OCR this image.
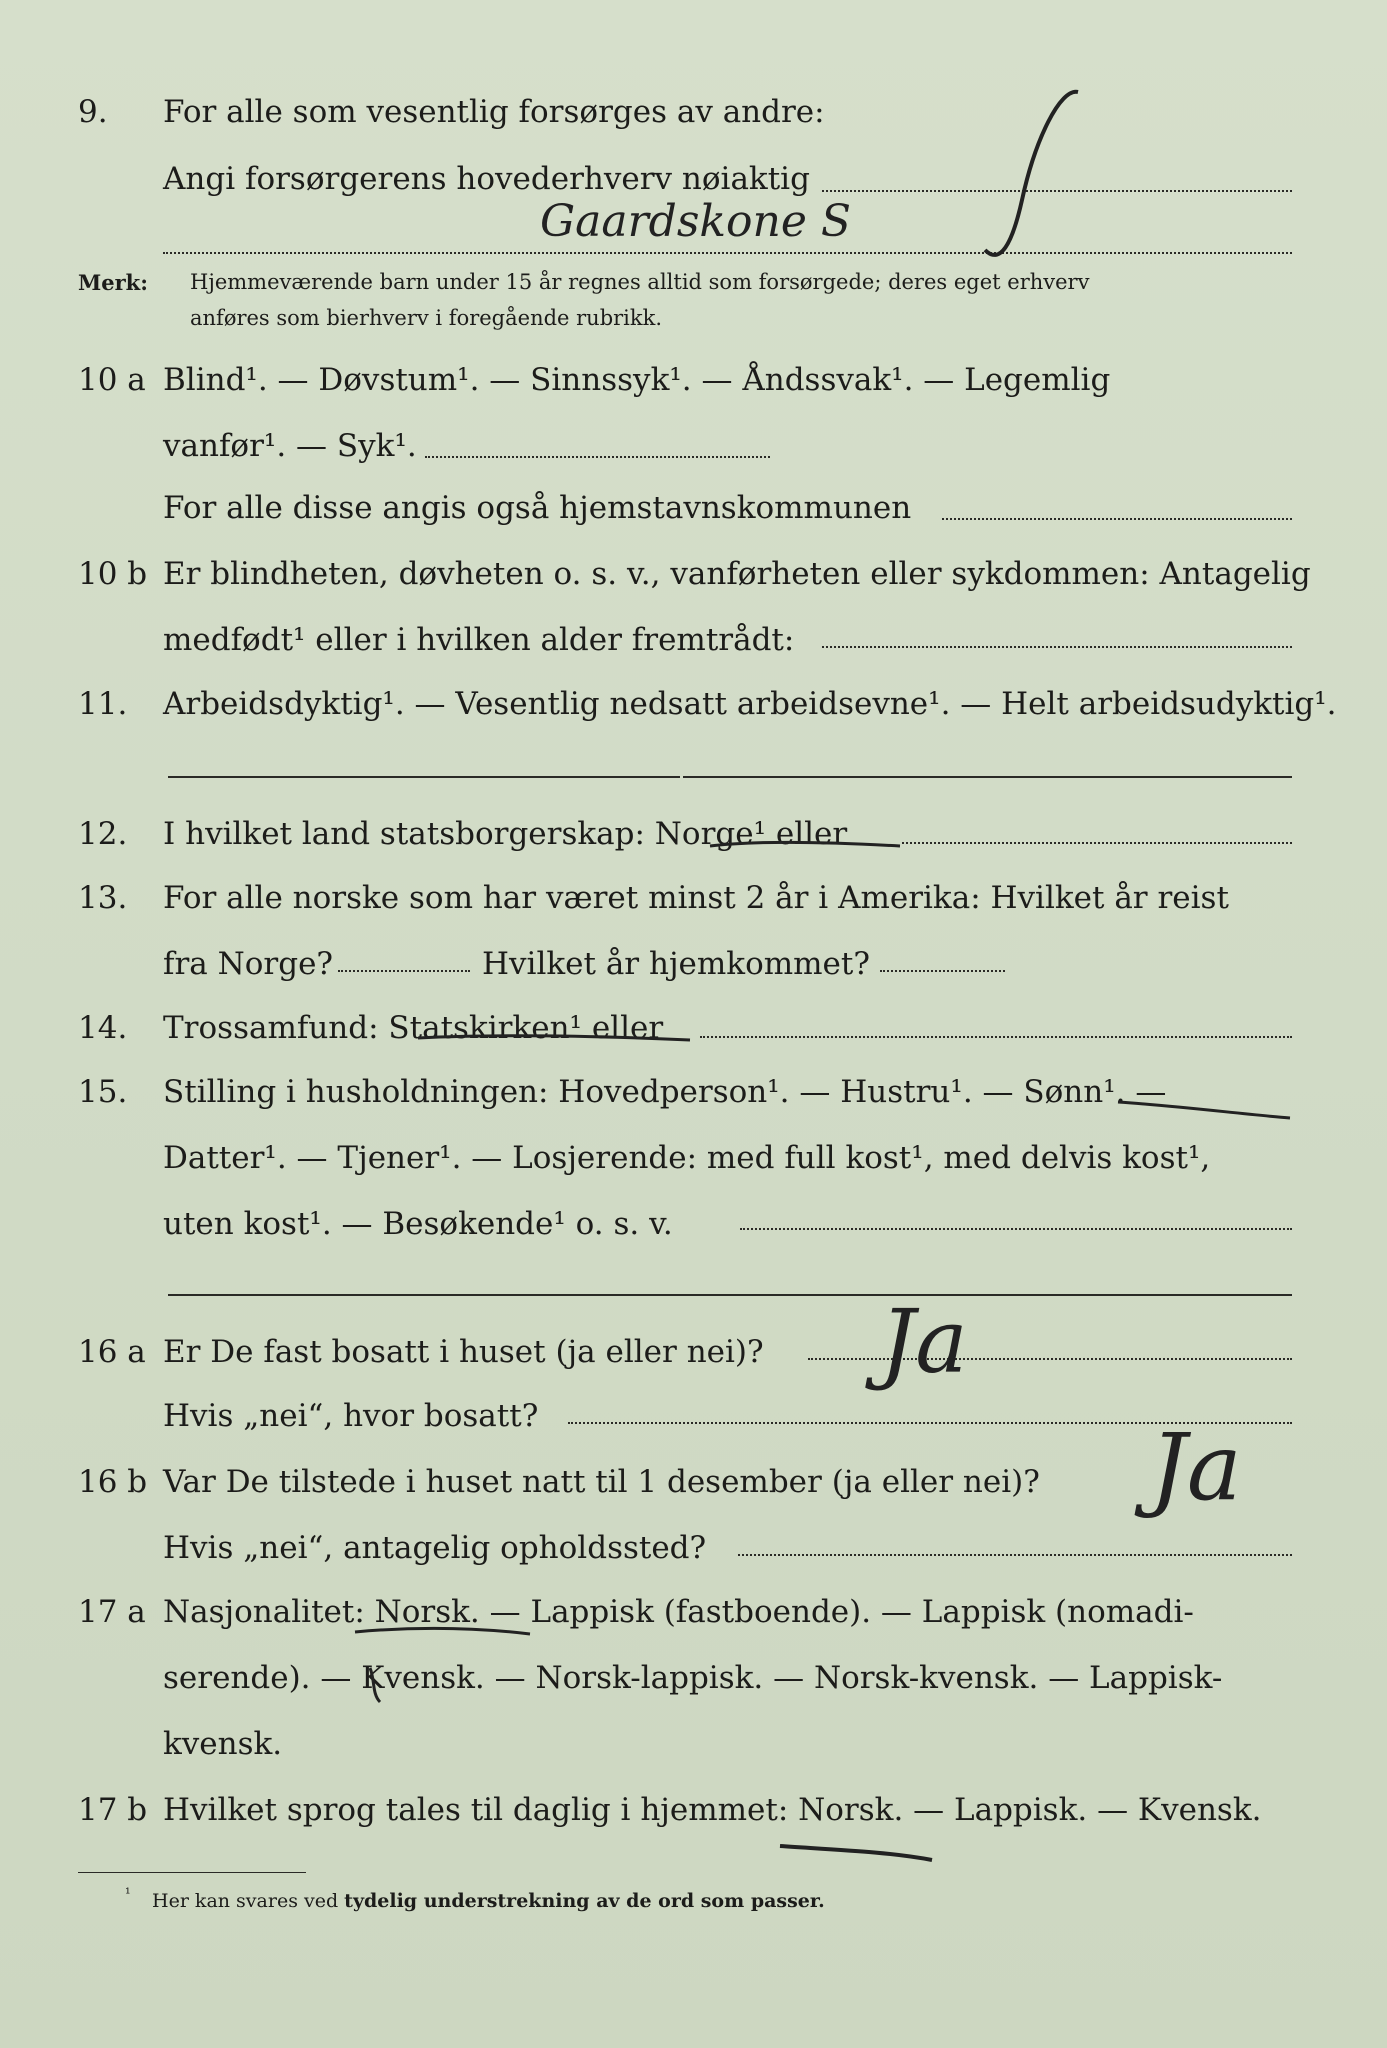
9. For alle som vesentlig forsørges av andre:
Angi forsørgerens hovederhverv nøiaktig
Gaardskone S
Merk: Hjemmeværende barn under 15 år regnes alltid som forsørgede; deres eget erhverv
anføres som bierhverv i foregående rubrikk.
10 a Blind¹. — Døvstum¹. — Sinnssyk¹. — Åndssvak¹. — Legemlig
vanfør¹. — Syk¹.
For alle disse angis også hjemstavnskommunen
10 b Er blindheten, døvheten o. s. v., vanførheten eller sykdommen: Antagelig
medfødt¹ eller i hvilken alder fremtrådt:
11. Arbeidsdyktig¹. — Vesentlig nedsatt arbeidsevne¹. — Helt arbeidsudyktig¹.
12. I hvilket land statsborgerskap: Norge¹ eller
13. For alle norske som har været minst 2 år i Amerika: Hvilket år reist
fra Norge?	Hvilket år hjemkommet?
14. Trossamfund: Statskirken¹ eller
15. Stilling i husholdningen: Hovedperson¹. — Hustru¹. — Sønn¹. —
Datter¹. — Tjener¹. — Losjerende: med full kost¹, med delvis kost¹,
uten kost¹. — Besøkende¹ o. s. v.
16 a Er De fast bosatt i huset (ja eller nei)?
Hvis „nei“, hvor bosatt?
Ja
16 b Var De tilstede i huset natt til 1 desember (ja eller nei)?
Hvis „nei“, antagelig opholdssted?
Ja
17 a Nasjonalitet: Norsk. — Lappisk (fastboende). — Lappisk (nomadi-
serende). — Kvensk. — Norsk-lappisk. — Norsk-kvensk. — Lappisk-
kvensk.
17 b Hvilket sprog tales til daglig i hjemmet: Norsk. — Lappisk. — Kvensk.
¹ Her kan svares ved tydelig understrekning av de ord som passer.
